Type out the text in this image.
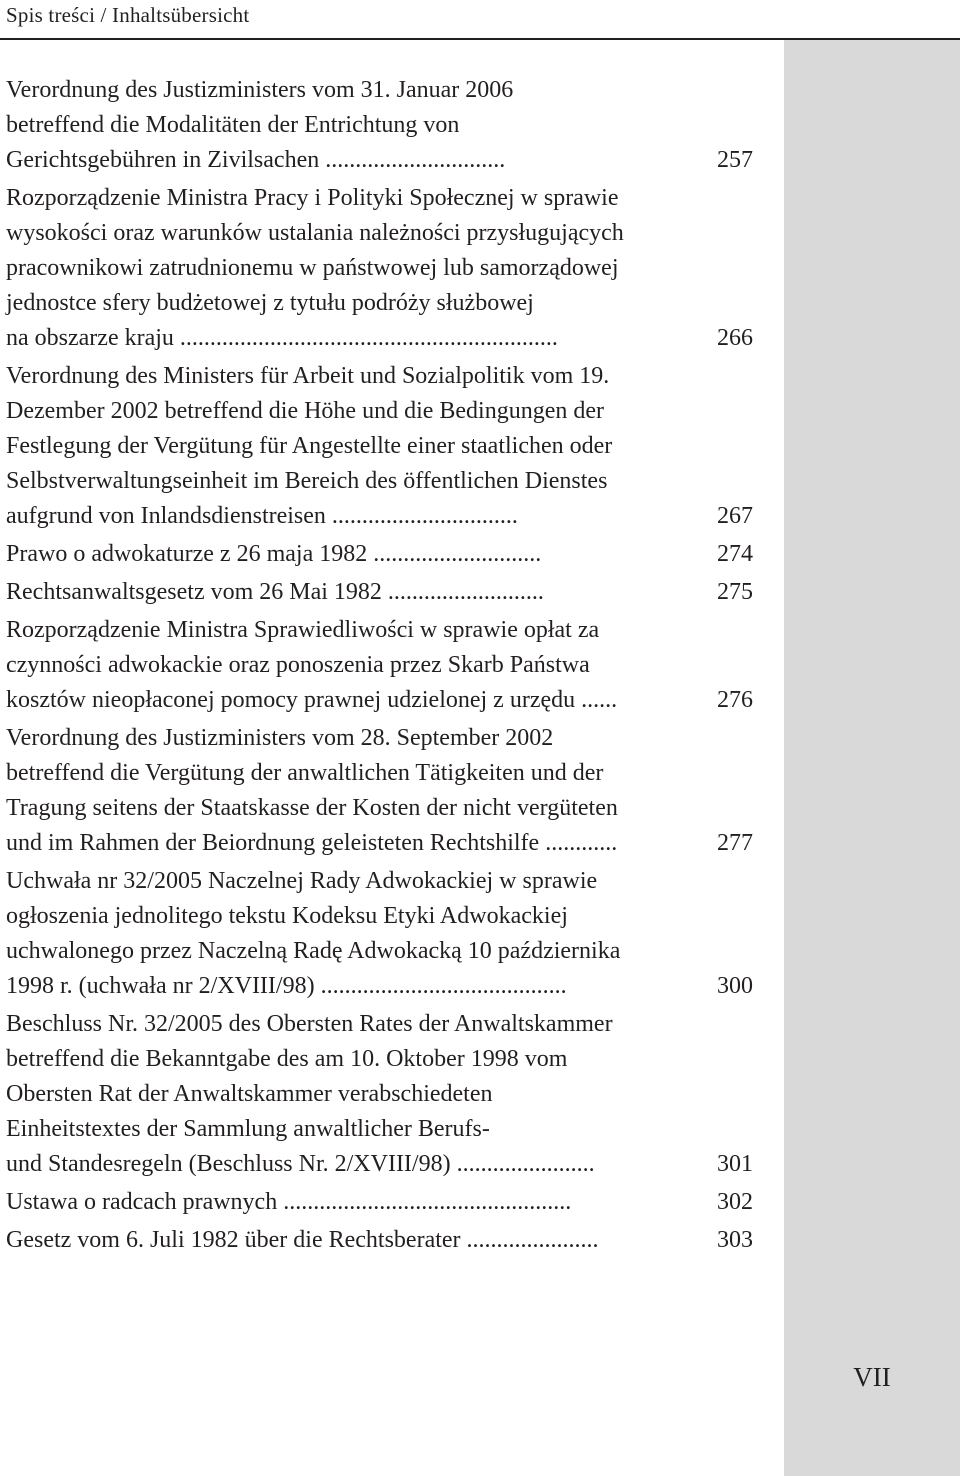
Spis treści / Inhaltsübersicht
Verordnung des Justizministers vom 31. Januar 2006
betreffend die Modalitäten der Entrichtung von
Gerichtsgebühren in Zivilsachen ..............................	257
Rozporządzenie Ministra Pracy i Polityki Społecznej w sprawie
wysokości oraz warunków ustalania należności przysługujących
pracownikowi zatrudnionemu w państwowej lub samorządowej
jednostce sfery budżetowej z tytułu podróży służbowej
na obszarze kraju ...............................................................	266
Verordnung des Ministers für Arbeit und Sozialpolitik vom 19.
Dezember 2002 betreffend die Höhe und die Bedingungen der
Festlegung der Vergütung für Angestellte einer staatlichen oder
Selbstverwaltungseinheit im Bereich des öffentlichen Dienstes
aufgrund von Inlandsdienstreisen ...............................	267
Prawo o adwokaturze z 26 maja 1982 ............................	274
Rechtsanwaltsgesetz vom 26 Mai 1982 ..........................	275
Rozporządzenie Ministra Sprawiedliwości w sprawie opłat za
czynności adwokackie oraz ponoszenia przez Skarb Państwa
kosztów nieopłaconej pomocy prawnej udzielonej z urzędu ......	276
Verordnung des Justizministers vom 28. September 2002
betreffend die Vergütung der anwaltlichen Tätigkeiten und der
Tragung seitens der Staatskasse der Kosten der nicht vergüteten
und im Rahmen der Beiordnung geleisteten Rechtshilfe ............	277
Uchwała nr 32/2005 Naczelnej Rady Adwokackiej w sprawie
ogłoszenia jednolitego tekstu Kodeksu Etyki Adwokackiej
uchwalonego przez Naczelną Radę Adwokacką 10 października
1998 r. (uchwała nr 2/XVIII/98) .........................................	300
Beschluss Nr. 32/2005 des Obersten Rates der Anwaltskammer
betreffend die Bekanntgabe des am 10. Oktober 1998 vom
Obersten Rat der Anwaltskammer verabschiedeten
Einheitstextes der Sammlung anwaltlicher Berufs-
und Standesregeln (Beschluss Nr. 2/XVIII/98) .......................	301
Ustawa o radcach prawnych ................................................	302
Gesetz vom 6. Juli 1982 über die Rechtsberater ......................	303
VII
